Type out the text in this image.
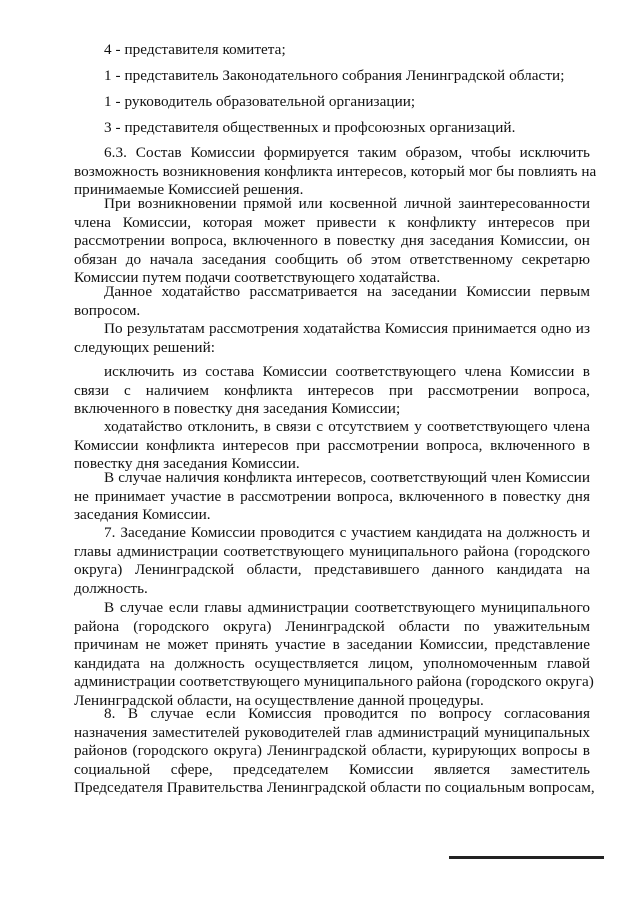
4 - представителя комитета;
1 - представитель Законодательного собрания Ленинградской области;
1 - руководитель образовательной организации;
3 - представителя общественных и профсоюзных организаций.
6.3. Состав Комиссии формируется таким образом, чтобы исключить
возможность возникновения конфликта интересов, который мог бы повлиять на
принимаемые Комиссией решения.
При возникновении прямой или косвенной личной заинтересованности
члена Комиссии, которая может привести к конфликту интересов при
рассмотрении вопроса, включенного в повестку дня заседания Комиссии, он
обязан до начала заседания сообщить об этом ответственному секретарю
Комиссии путем подачи соответствующего ходатайства.
Данное ходатайство рассматривается на заседании Комиссии первым
вопросом.
По результатам рассмотрения ходатайства Комиссия принимается одно из
следующих решений:
исключить из состава Комиссии соответствующего члена Комиссии в
связи с наличием конфликта интересов при рассмотрении вопроса,
включенного в повестку дня заседания Комиссии;
ходатайство отклонить, в связи с отсутствием у соответствующего члена
Комиссии конфликта интересов при рассмотрении вопроса, включенного в
повестку дня заседания Комиссии.
В случае наличия конфликта интересов, соответствующий член Комиссии
не принимает участие в рассмотрении вопроса, включенного в повестку дня
заседания Комиссии.
7. Заседание Комиссии проводится с участием кандидата на должность и
главы администрации соответствующего муниципального района (городского
округа) Ленинградской области, представившего данного кандидата на
должность.
В случае если главы администрации соответствующего муниципального
района (городского округа) Ленинградской области по уважительным
причинам не может принять участие в заседании Комиссии, представление
кандидата на должность осуществляется лицом, уполномоченным главой
администрации соответствующего муниципального района (городского округа)
Ленинградской области, на осуществление данной процедуры.
8. В случае если Комиссия проводится по вопросу согласования
назначения заместителей руководителей глав администраций муниципальных
районов (городского округа) Ленинградской области, курирующих вопросы в
социальной сфере, председателем Комиссии является заместитель
Председателя Правительства Ленинградской области по социальным вопросам,
